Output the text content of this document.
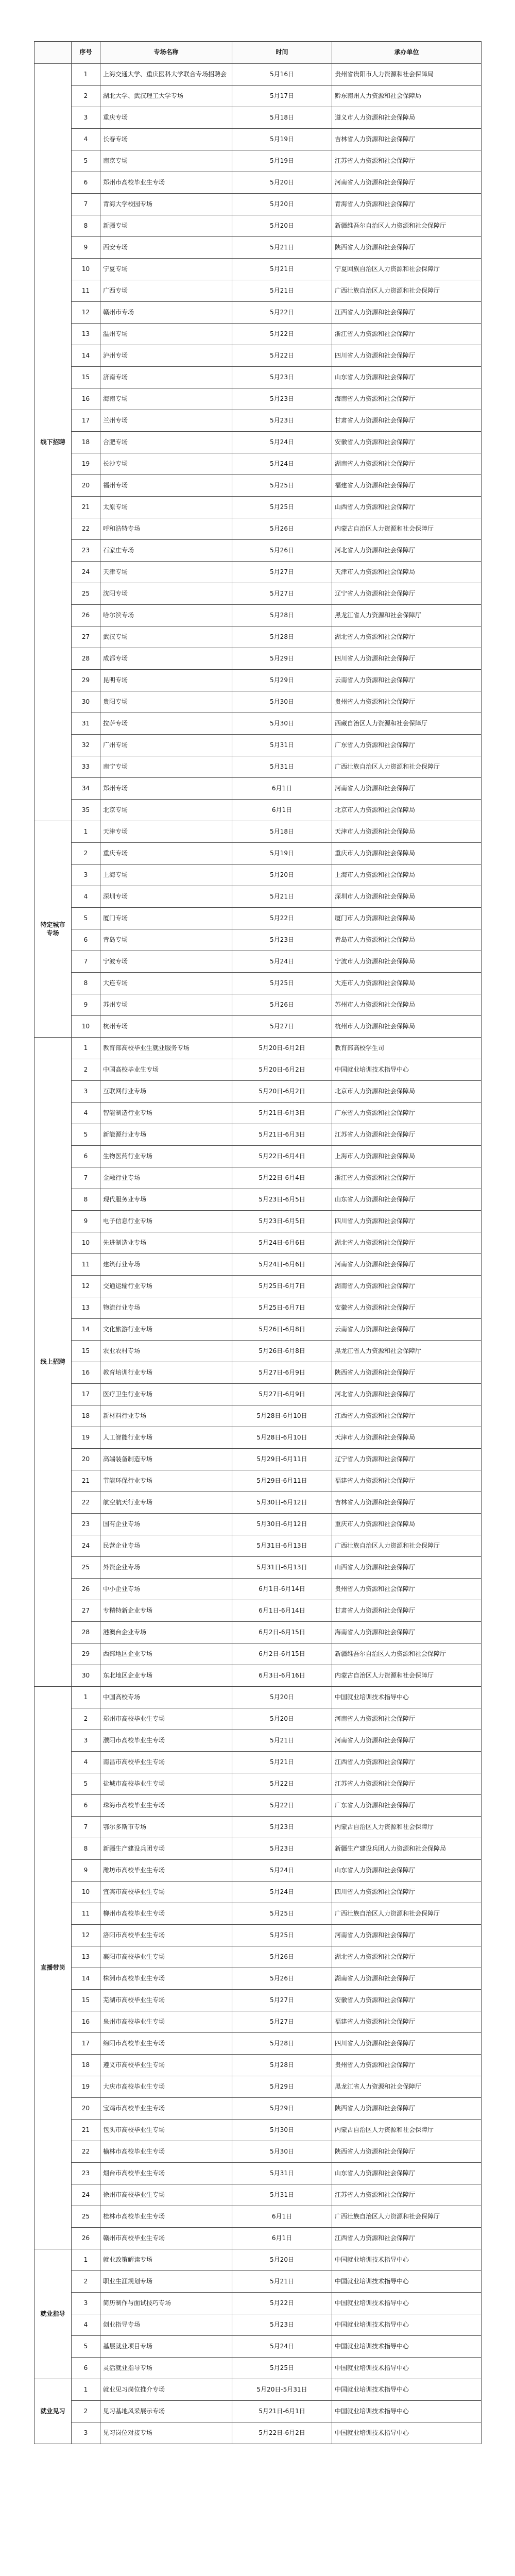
	序号	专场名称	时间	承办单位
线下招聘	1	上海交通大学、重庆医科大学联合专场招聘会	5月16日	贵州省贵阳市人力资源和社会保障局
	2	湖北大学、武汉理工大学专场	5月17日	黔东南州人力资源和社会保障局
	3	重庆专场	5月18日	遵义市人力资源和社会保障局
	4	长春专场	5月19日	吉林省人力资源和社会保障厅
	5	南京专场	5月19日	江苏省人力资源和社会保障厅
	6	郑州市高校毕业生专场	5月20日	河南省人力资源和社会保障厅
	7	青海大学校园专场	5月20日	青海省人力资源和社会保障厅
	8	新疆专场	5月20日	新疆维吾尔自治区人力资源和社会保障厅
	9	西安专场	5月21日	陕西省人力资源和社会保障厅
	10	宁夏专场	5月21日	宁夏回族自治区人力资源和社会保障厅
	11	广西专场	5月21日	广西壮族自治区人力资源和社会保障厅
	12	赣州市专场	5月22日	江西省人力资源和社会保障厅
	13	温州专场	5月22日	浙江省人力资源和社会保障厅
	14	泸州专场	5月22日	四川省人力资源和社会保障厅
	15	济南专场	5月23日	山东省人力资源和社会保障厅
	16	海南专场	5月23日	海南省人力资源和社会保障厅
	17	兰州专场	5月23日	甘肃省人力资源和社会保障厅
	18	合肥专场	5月24日	安徽省人力资源和社会保障厅
	19	长沙专场	5月24日	湖南省人力资源和社会保障厅
	20	福州专场	5月25日	福建省人力资源和社会保障厅
	21	太原专场	5月25日	山西省人力资源和社会保障厅
	22	呼和浩特专场	5月26日	内蒙古自治区人力资源和社会保障厅
	23	石家庄专场	5月26日	河北省人力资源和社会保障厅
	24	天津专场	5月27日	天津市人力资源和社会保障局
	25	沈阳专场	5月27日	辽宁省人力资源和社会保障厅
	26	哈尔滨专场	5月28日	黑龙江省人力资源和社会保障厅
	27	武汉专场	5月28日	湖北省人力资源和社会保障厅
	28	成都专场	5月29日	四川省人力资源和社会保障厅
	29	昆明专场	5月29日	云南省人力资源和社会保障厅
	30	贵阳专场	5月30日	贵州省人力资源和社会保障厅
	31	拉萨专场	5月30日	西藏自治区人力资源和社会保障厅
	32	广州专场	5月31日	广东省人力资源和社会保障厅
	33	南宁专场	5月31日	广西壮族自治区人力资源和社会保障厅
	34	郑州专场	6月1日	河南省人力资源和社会保障厅
	35	北京专场	6月1日	北京市人力资源和社会保障局
特定城市专场	1	天津专场	5月18日	天津市人力资源和社会保障局
	2	重庆专场	5月19日	重庆市人力资源和社会保障局
	3	上海专场	5月20日	上海市人力资源和社会保障局
	4	深圳专场	5月21日	深圳市人力资源和社会保障局
	5	厦门专场	5月22日	厦门市人力资源和社会保障局
	6	青岛专场	5月23日	青岛市人力资源和社会保障局
	7	宁波专场	5月24日	宁波市人力资源和社会保障局
	8	大连专场	5月25日	大连市人力资源和社会保障局
	9	苏州专场	5月26日	苏州市人力资源和社会保障局
	10	杭州专场	5月27日	杭州市人力资源和社会保障局
线上招聘	1	教育部高校毕业生就业服务专场	5月20日-6月2日	教育部高校学生司
	2	中国高校毕业生专场	5月20日-6月2日	中国就业培训技术指导中心
	3	互联网行业专场	5月20日-6月2日	北京市人力资源和社会保障局
	4	智能制造行业专场	5月21日-6月3日	广东省人力资源和社会保障厅
	5	新能源行业专场	5月21日-6月3日	江苏省人力资源和社会保障厅
	6	生物医药行业专场	5月22日-6月4日	上海市人力资源和社会保障局
	7	金融行业专场	5月22日-6月4日	浙江省人力资源和社会保障厅
	8	现代服务业专场	5月23日-6月5日	山东省人力资源和社会保障厅
	9	电子信息行业专场	5月23日-6月5日	四川省人力资源和社会保障厅
	10	先进制造业专场	5月24日-6月6日	湖北省人力资源和社会保障厅
	11	建筑行业专场	5月24日-6月6日	河南省人力资源和社会保障厅
	12	交通运输行业专场	5月25日-6月7日	湖南省人力资源和社会保障厅
	13	物流行业专场	5月25日-6月7日	安徽省人力资源和社会保障厅
	14	文化旅游行业专场	5月26日-6月8日	云南省人力资源和社会保障厅
	15	农业农村专场	5月26日-6月8日	黑龙江省人力资源和社会保障厅
	16	教育培训行业专场	5月27日-6月9日	陕西省人力资源和社会保障厅
	17	医疗卫生行业专场	5月27日-6月9日	河北省人力资源和社会保障厅
	18	新材料行业专场	5月28日-6月10日	江西省人力资源和社会保障厅
	19	人工智能行业专场	5月28日-6月10日	天津市人力资源和社会保障局
	20	高端装备制造专场	5月29日-6月11日	辽宁省人力资源和社会保障厅
	21	节能环保行业专场	5月29日-6月11日	福建省人力资源和社会保障厅
	22	航空航天行业专场	5月30日-6月12日	吉林省人力资源和社会保障厅
	23	国有企业专场	5月30日-6月12日	重庆市人力资源和社会保障局
	24	民营企业专场	5月31日-6月13日	广西壮族自治区人力资源和社会保障厅
	25	外资企业专场	5月31日-6月13日	山西省人力资源和社会保障厅
	26	中小企业专场	6月1日-6月14日	贵州省人力资源和社会保障厅
	27	专精特新企业专场	6月1日-6月14日	甘肃省人力资源和社会保障厅
	28	港澳台企业专场	6月2日-6月15日	海南省人力资源和社会保障厅
	29	西部地区企业专场	6月2日-6月15日	新疆维吾尔自治区人力资源和社会保障厅
	30	东北地区企业专场	6月3日-6月16日	内蒙古自治区人力资源和社会保障厅
直播带岗	1	中国高校专场	5月20日	中国就业培训技术指导中心
	2	郑州市高校毕业生专场	5月20日	河南省人力资源和社会保障厅
	3	濮阳市高校毕业生专场	5月21日	河南省人力资源和社会保障厅
	4	南昌市高校毕业生专场	5月21日	江西省人力资源和社会保障厅
	5	盐城市高校毕业生专场	5月22日	江苏省人力资源和社会保障厅
	6	珠海市高校毕业生专场	5月22日	广东省人力资源和社会保障厅
	7	鄂尔多斯市专场	5月23日	内蒙古自治区人力资源和社会保障厅
	8	新疆生产建设兵团专场	5月23日	新疆生产建设兵团人力资源和社会保障局
	9	潍坊市高校毕业生专场	5月24日	山东省人力资源和社会保障厅
	10	宜宾市高校毕业生专场	5月24日	四川省人力资源和社会保障厅
	11	柳州市高校毕业生专场	5月25日	广西壮族自治区人力资源和社会保障厅
	12	洛阳市高校毕业生专场	5月25日	河南省人力资源和社会保障厅
	13	襄阳市高校毕业生专场	5月26日	湖北省人力资源和社会保障厅
	14	株洲市高校毕业生专场	5月26日	湖南省人力资源和社会保障厅
	15	芜湖市高校毕业生专场	5月27日	安徽省人力资源和社会保障厅
	16	泉州市高校毕业生专场	5月27日	福建省人力资源和社会保障厅
	17	绵阳市高校毕业生专场	5月28日	四川省人力资源和社会保障厅
	18	遵义市高校毕业生专场	5月28日	贵州省人力资源和社会保障厅
	19	大庆市高校毕业生专场	5月29日	黑龙江省人力资源和社会保障厅
	20	宝鸡市高校毕业生专场	5月29日	陕西省人力资源和社会保障厅
	21	包头市高校毕业生专场	5月30日	内蒙古自治区人力资源和社会保障厅
	22	榆林市高校毕业生专场	5月30日	陕西省人力资源和社会保障厅
	23	烟台市高校毕业生专场	5月31日	山东省人力资源和社会保障厅
	24	徐州市高校毕业生专场	5月31日	江苏省人力资源和社会保障厅
	25	桂林市高校毕业生专场	6月1日	广西壮族自治区人力资源和社会保障厅
	26	赣州市高校毕业生专场	6月1日	江西省人力资源和社会保障厅
就业指导	1	就业政策解读专场	5月20日	中国就业培训技术指导中心
	2	职业生涯规划专场	5月21日	中国就业培训技术指导中心
	3	简历制作与面试技巧专场	5月22日	中国就业培训技术指导中心
	4	创业指导专场	5月23日	中国就业培训技术指导中心
	5	基层就业项目专场	5月24日	中国就业培训技术指导中心
	6	灵活就业指导专场	5月25日	中国就业培训技术指导中心
就业见习	1	就业见习岗位推介专场	5月20日-5月31日	中国就业培训技术指导中心
	2	见习基地风采展示专场	5月21日-6月1日	中国就业培训技术指导中心
	3	见习岗位对接专场	5月22日-6月2日	中国就业培训技术指导中心
